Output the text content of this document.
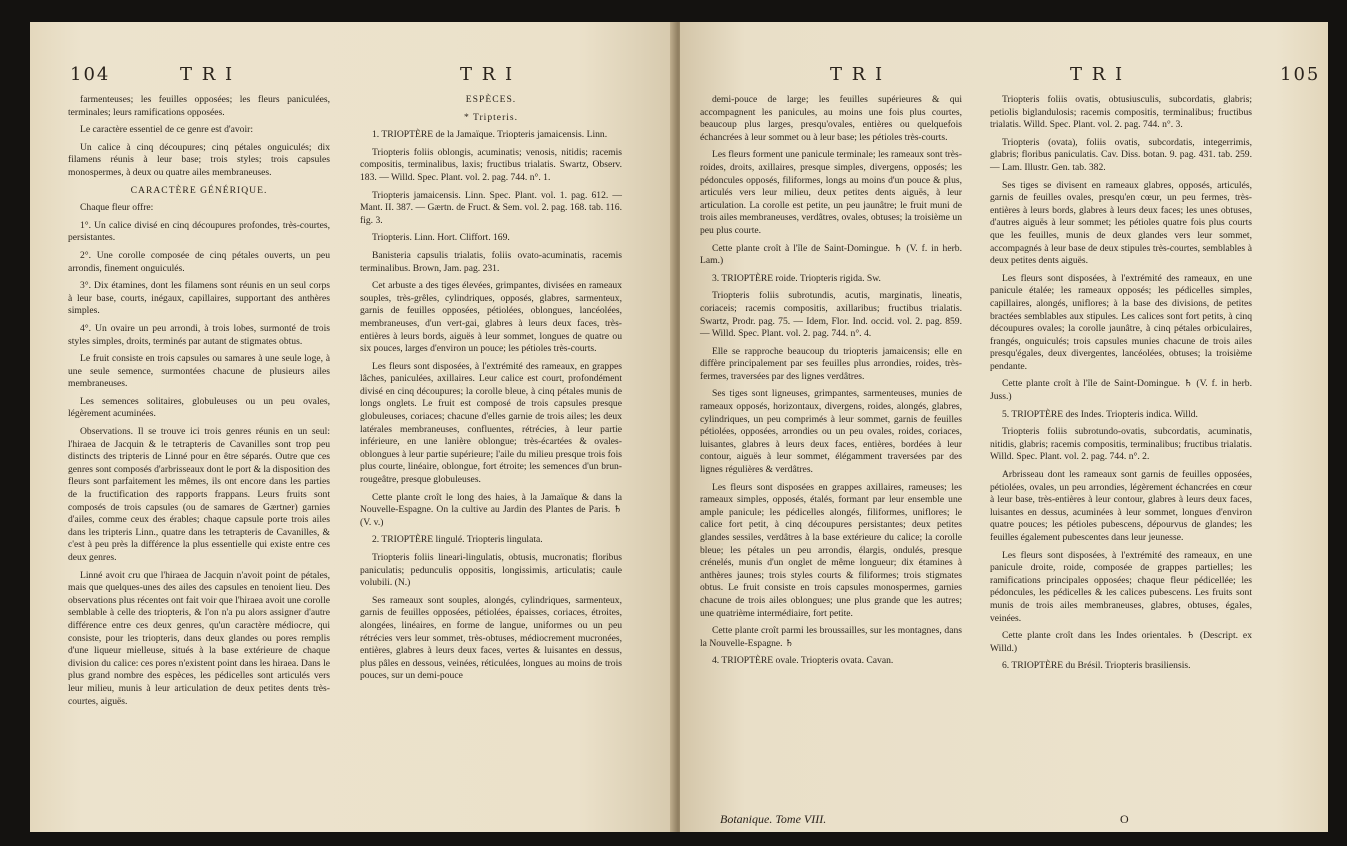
104	T R I	T R I

farmenteuses; les feuilles opposées; les fleurs paniculées, terminales; leurs ramifications opposées.

Le caractère essentiel de ce genre est d'avoir:

Un calice à cinq découpures; cinq pétales onguiculés; dix filamens réunis à leur base; trois styles; trois capsules monospermes, à deux ou quatre ailes membraneuses.

CARACTÈRE GÉNÉRIQUE.

Chaque fleur offre:

1°. Un calice divisé en cinq découpures profondes, très-courtes, persistantes.

2°. Une corolle composée de cinq pétales ouverts, un peu arrondis, finement onguiculés.

3°. Dix étamines, dont les filamens sont réunis en un seul corps à leur base, courts, inégaux, capillaires, supportant des anthères simples.

4°. Un ovaire un peu arrondi, à trois lobes, surmonté de trois styles simples, droits, terminés par autant de stigmates obtus.

Le fruit consiste en trois capsules ou samares à une seule loge, à une seule semence, surmontées chacune de plusieurs ailes membraneuses.

Les semences solitaires, globuleuses ou un peu ovales, légèrement acuminées.

Observations. Il se trouve ici trois genres réunis en un seul: l'hiraea de Jacquin & le tetrapteris de Cavanilles sont trop peu distincts des tripteris de Linné pour en être séparés. Outre que ces genres sont composés d'arbrisseaux dont le port & la disposition des fleurs sont parfaitement les mêmes, ils ont encore dans les parties de la fructification des rapports frappans. Leurs fruits sont composés de trois capsules (ou de samares de Gærtner) garnies d'ailes, comme ceux des érables; chaque capsule porte trois ailes dans les tripteris Linn., quatre dans les tetrapteris de Cavanilles, & c'est à peu près la différence la plus essentielle qui existe entre ces deux genres.

Linné avoit cru que l'hiraea de Jacquin n'avoit point de pétales, mais que quelques-unes des ailes des capsules en tenoient lieu. Des observations plus récentes ont fait voir que l'hiraea avoit une corolle semblable à celle des triopteris, & l'on n'a pu alors assigner d'autre différence entre ces deux genres, qu'un caractère médiocre, qui consiste, pour les triopteris, dans deux glandes ou pores remplis d'une liqueur mielleuse, situés à la base extérieure de chaque division du calice: ces pores n'existent point dans les hiraea. Dans le plus grand nombre des espèces, les pédicelles sont articulés vers leur milieu, munis à leur articulation de deux petites dents très-courtes, aiguës.

ESPÈCES.

* Tripteris.

1. TRIOPTÈRE de la Jamaïque. Triopteris jamaicensis. Linn.

Triopteris foliis oblongis, acuminatis; venosis, nitidis; racemis compositis, terminalibus, laxis; fructibus trialatis. Swartz, Observ. 183. — Willd. Spec. Plant. vol. 2. pag. 744. n°. 1.

Triopteris jamaicensis. Linn. Spec. Plant. vol. 1. pag. 612. — Mant. II. 387. — Gærtn. de Fruct. & Sem. vol. 2. pag. 168. tab. 116. fig. 3.

Triopteris. Linn. Hort. Cliffort. 169.

Banisteria capsulis trialatis, foliis ovato-acuminatis, racemis terminalibus. Brown, Jam. pag. 231.

Cet arbuste a des tiges élevées, grimpantes, divisées en rameaux souples, très-grêles, cylindriques, opposés, glabres, sarmenteux, garnis de feuilles opposées, pétiolées, oblongues, lancéolées, membraneuses, d'un vert-gai, glabres à leurs deux faces, très-entières à leurs bords, aiguës à leur sommet, longues de quatre ou six pouces, larges d'environ un pouce; les pétioles très-courts.

Les fleurs sont disposées, à l'extrémité des rameaux, en grappes lâches, paniculées, axillaires. Leur calice est court, profondément divisé en cinq découpures; la corolle bleue, à cinq pétales munis de longs onglets. Le fruit est composé de trois capsules presque globuleuses, coriaces; chacune d'elles garnie de trois ailes; les deux latérales membraneuses, confluentes, rétrécies, à leur partie inférieure, en une lanière oblongue; très-écartées & ovales-oblongues à leur partie supérieure; l'aile du milieu presque trois fois plus courte, linéaire, oblongue, fort étroite; les semences d'un brun-rougeâtre, presque globuleuses.

Cette plante croît le long des haies, à la Jamaïque & dans la Nouvelle-Espagne. On la cultive au Jardin des Plantes de Paris. ♄ (V. v.)

2. TRIOPTÈRE lingulé. Triopteris lingulata.

Triopteris foliis lineari-lingulatis, obtusis, mucronatis; floribus paniculatis; pedunculis oppositis, longissimis, articulatis; caule volubili. (N.)

Ses rameaux sont souples, alongés, cylindriques, sarmenteux, garnis de feuilles opposées, pétiolées, épaisses, coriaces, étroites, alongées, linéaires, en forme de langue, uniformes ou un peu rétrécies vers leur sommet, très-obtuses, médiocrement mucronées, entières, glabres à leurs deux faces, vertes & luisantes en dessus, plus pâles en dessous, veinées, réticulées, longues au moins de trois pouces, sur un demi-pouce

T R I	T R I	105

demi-pouce de large; les feuilles supérieures & qui accompagnent les panicules, au moins une fois plus courtes, beaucoup plus larges, presqu'ovales, entières ou quelquefois échancrées à leur sommet ou à leur base; les pétioles très-courts.

Les fleurs forment une panicule terminale; les rameaux sont très-roides, droits, axillaires, presque simples, divergens, opposés; les pédoncules opposés, filiformes, longs au moins d'un pouce & plus, articulés vers leur milieu, deux petites dents aiguës, à leur articulation. La corolle est petite, un peu jaunâtre; le fruit muni de trois ailes membraneuses, verdâtres, ovales, obtuses; la troisième un peu plus courte.

Cette plante croît à l'île de Saint-Domingue. ♄ (V. f. in herb. Lam.)

3. TRIOPTÈRE roide. Triopteris rigida. Sw.

Triopteris foliis subrotundis, acutis, marginatis, lineatis, coriaceis; racemis compositis, axillaribus; fructibus trialatis. Swartz, Prodr. pag. 75. — Idem, Flor. Ind. occid. vol. 2. pag. 859. — Willd. Spec. Plant. vol. 2. pag. 744. n°. 4.

Elle se rapproche beaucoup du triopteris jamaicensis; elle en diffère principalement par ses feuilles plus arrondies, roides, très-fermes, traversées par des lignes verdâtres.

Ses tiges sont ligneuses, grimpantes, sarmenteuses, munies de rameaux opposés, horizontaux, divergens, roides, alongés, glabres, cylindriques, un peu comprimés à leur sommet, garnis de feuilles pétiolées, opposées, arrondies ou un peu ovales, roides, coriaces, luisantes, glabres à leurs deux faces, entières, bordées à leur contour, aiguës à leur sommet, élégamment traversées par des lignes régulières & verdâtres.

Les fleurs sont disposées en grappes axillaires, rameuses; les rameaux simples, opposés, étalés, formant par leur ensemble une ample panicule; les pédicelles alongés, filiformes, uniflores; le calice fort petit, à cinq découpures persistantes; deux petites glandes sessiles, verdâtres à la base extérieure du calice; la corolle bleue; les pétales un peu arrondis, élargis, ondulés, presque crénelés, munis d'un onglet de même longueur; dix étamines à anthères jaunes; trois styles courts & filiformes; trois stigmates obtus. Le fruit consiste en trois capsules monospermes, garnies chacune de trois ailes oblongues; une plus grande que les autres; une quatrième intermédiaire, fort petite.

Cette plante croît parmi les broussailles, sur les montagnes, dans la Nouvelle-Espagne. ♄

4. TRIOPTÈRE ovale. Triopteris ovata. Cavan.

Triopteris foliis ovatis, obtusiusculis, subcordatis, glabris; petiolis biglandulosis; racemis compositis, terminalibus; fructibus trialatis. Willd. Spec. Plant. vol. 2. pag. 744. n°. 3.

Triopteris (ovata), foliis ovatis, subcordatis, integerrimis, glabris; floribus paniculatis. Cav. Diss. botan. 9. pag. 431. tab. 259. — Lam. Illustr. Gen. tab. 382.

Ses tiges se divisent en rameaux glabres, opposés, articulés, garnis de feuilles ovales, presqu'en cœur, un peu fermes, très-entières à leurs bords, glabres à leurs deux faces; les unes obtuses, d'autres aiguës à leur sommet; les pétioles quatre fois plus courts que les feuilles, munis de deux glandes vers leur sommet, accompagnés à leur base de deux stipules très-courtes, semblables à deux petites dents aiguës.

Les fleurs sont disposées, à l'extrémité des rameaux, en une panicule étalée; les rameaux opposés; les pédicelles simples, capillaires, alongés, uniflores; à la base des divisions, de petites bractées semblables aux stipules. Les calices sont fort petits, à cinq découpures ovales; la corolle jaunâtre, à cinq pétales orbiculaires, frangés, onguiculés; trois capsules munies chacune de trois ailes presqu'égales, deux divergentes, lancéolées, obtuses; la troisième pendante.

Cette plante croît à l'île de Saint-Domingue. ♄ (V. f. in herb. Juss.)

5. TRIOPTÈRE des Indes. Triopteris indica. Willd.

Triopteris foliis subrotundo-ovatis, subcordatis, acuminatis, nitidis, glabris; racemis compositis, terminalibus; fructibus trialatis. Willd. Spec. Plant. vol. 2. pag. 744. n°. 2.

Arbrisseau dont les rameaux sont garnis de feuilles opposées, pétiolées, ovales, un peu arrondies, légèrement échancrées en cœur à leur base, très-entières à leur contour, glabres à leurs deux faces, luisantes en dessus, acuminées à leur sommet, longues d'environ quatre pouces; les pétioles pubescens, dépourvus de glandes; les feuilles également pubescentes dans leur jeunesse.

Les fleurs sont disposées, à l'extrémité des rameaux, en une panicule droite, roide, composée de grappes partielles; les ramifications principales opposées; chaque fleur pédicellée; les pédoncules, les pédicelles & les calices pubescens. Les fruits sont munis de trois ailes membraneuses, glabres, obtuses, égales, veinées.

Cette plante croît dans les Indes orientales. ♄ (Descript. ex Willd.)

6. TRIOPTÈRE du Brésil. Triopteris brasiliensis.

Botanique. Tome VIII.	O
